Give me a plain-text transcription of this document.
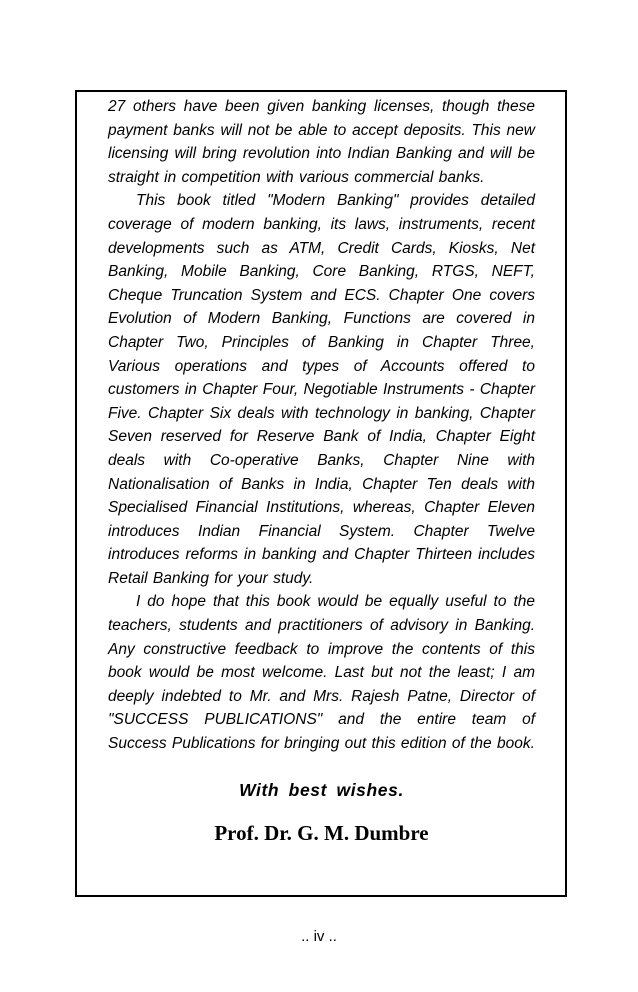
27 others have been given banking licenses, though these payment banks will not be able to accept deposits. This new licensing will bring revolution into Indian Banking and will be straight in competition with various commercial banks.

This book titled "Modern Banking" provides detailed coverage of modern banking, its laws, instruments, recent developments such as ATM, Credit Cards, Kiosks, Net Banking, Mobile Banking, Core Banking, RTGS, NEFT, Cheque Truncation System and ECS. Chapter One covers Evolution of Modern Banking, Functions are covered in Chapter Two, Principles of Banking in Chapter Three, Various operations and types of Accounts offered to customers in Chapter Four, Negotiable Instruments - Chapter Five. Chapter Six deals with technology in banking, Chapter Seven reserved for Reserve Bank of India, Chapter Eight deals with Co-operative Banks, Chapter Nine with Nationalisation of Banks in India, Chapter Ten deals with Specialised Financial Institutions, whereas, Chapter Eleven introduces Indian Financial System. Chapter Twelve introduces reforms in banking and Chapter Thirteen includes Retail Banking for your study.

I do hope that this book would be equally useful to the teachers, students and practitioners of advisory in Banking. Any constructive feedback to improve the contents of this book would be most welcome. Last but not the least; I am deeply indebted to Mr. and Mrs. Rajesh Patne, Director of "SUCCESS PUBLICATIONS" and the entire team of Success Publications for bringing out this edition of the book.

With best wishes.

Prof. Dr. G. M. Dumbre

.. iv ..
